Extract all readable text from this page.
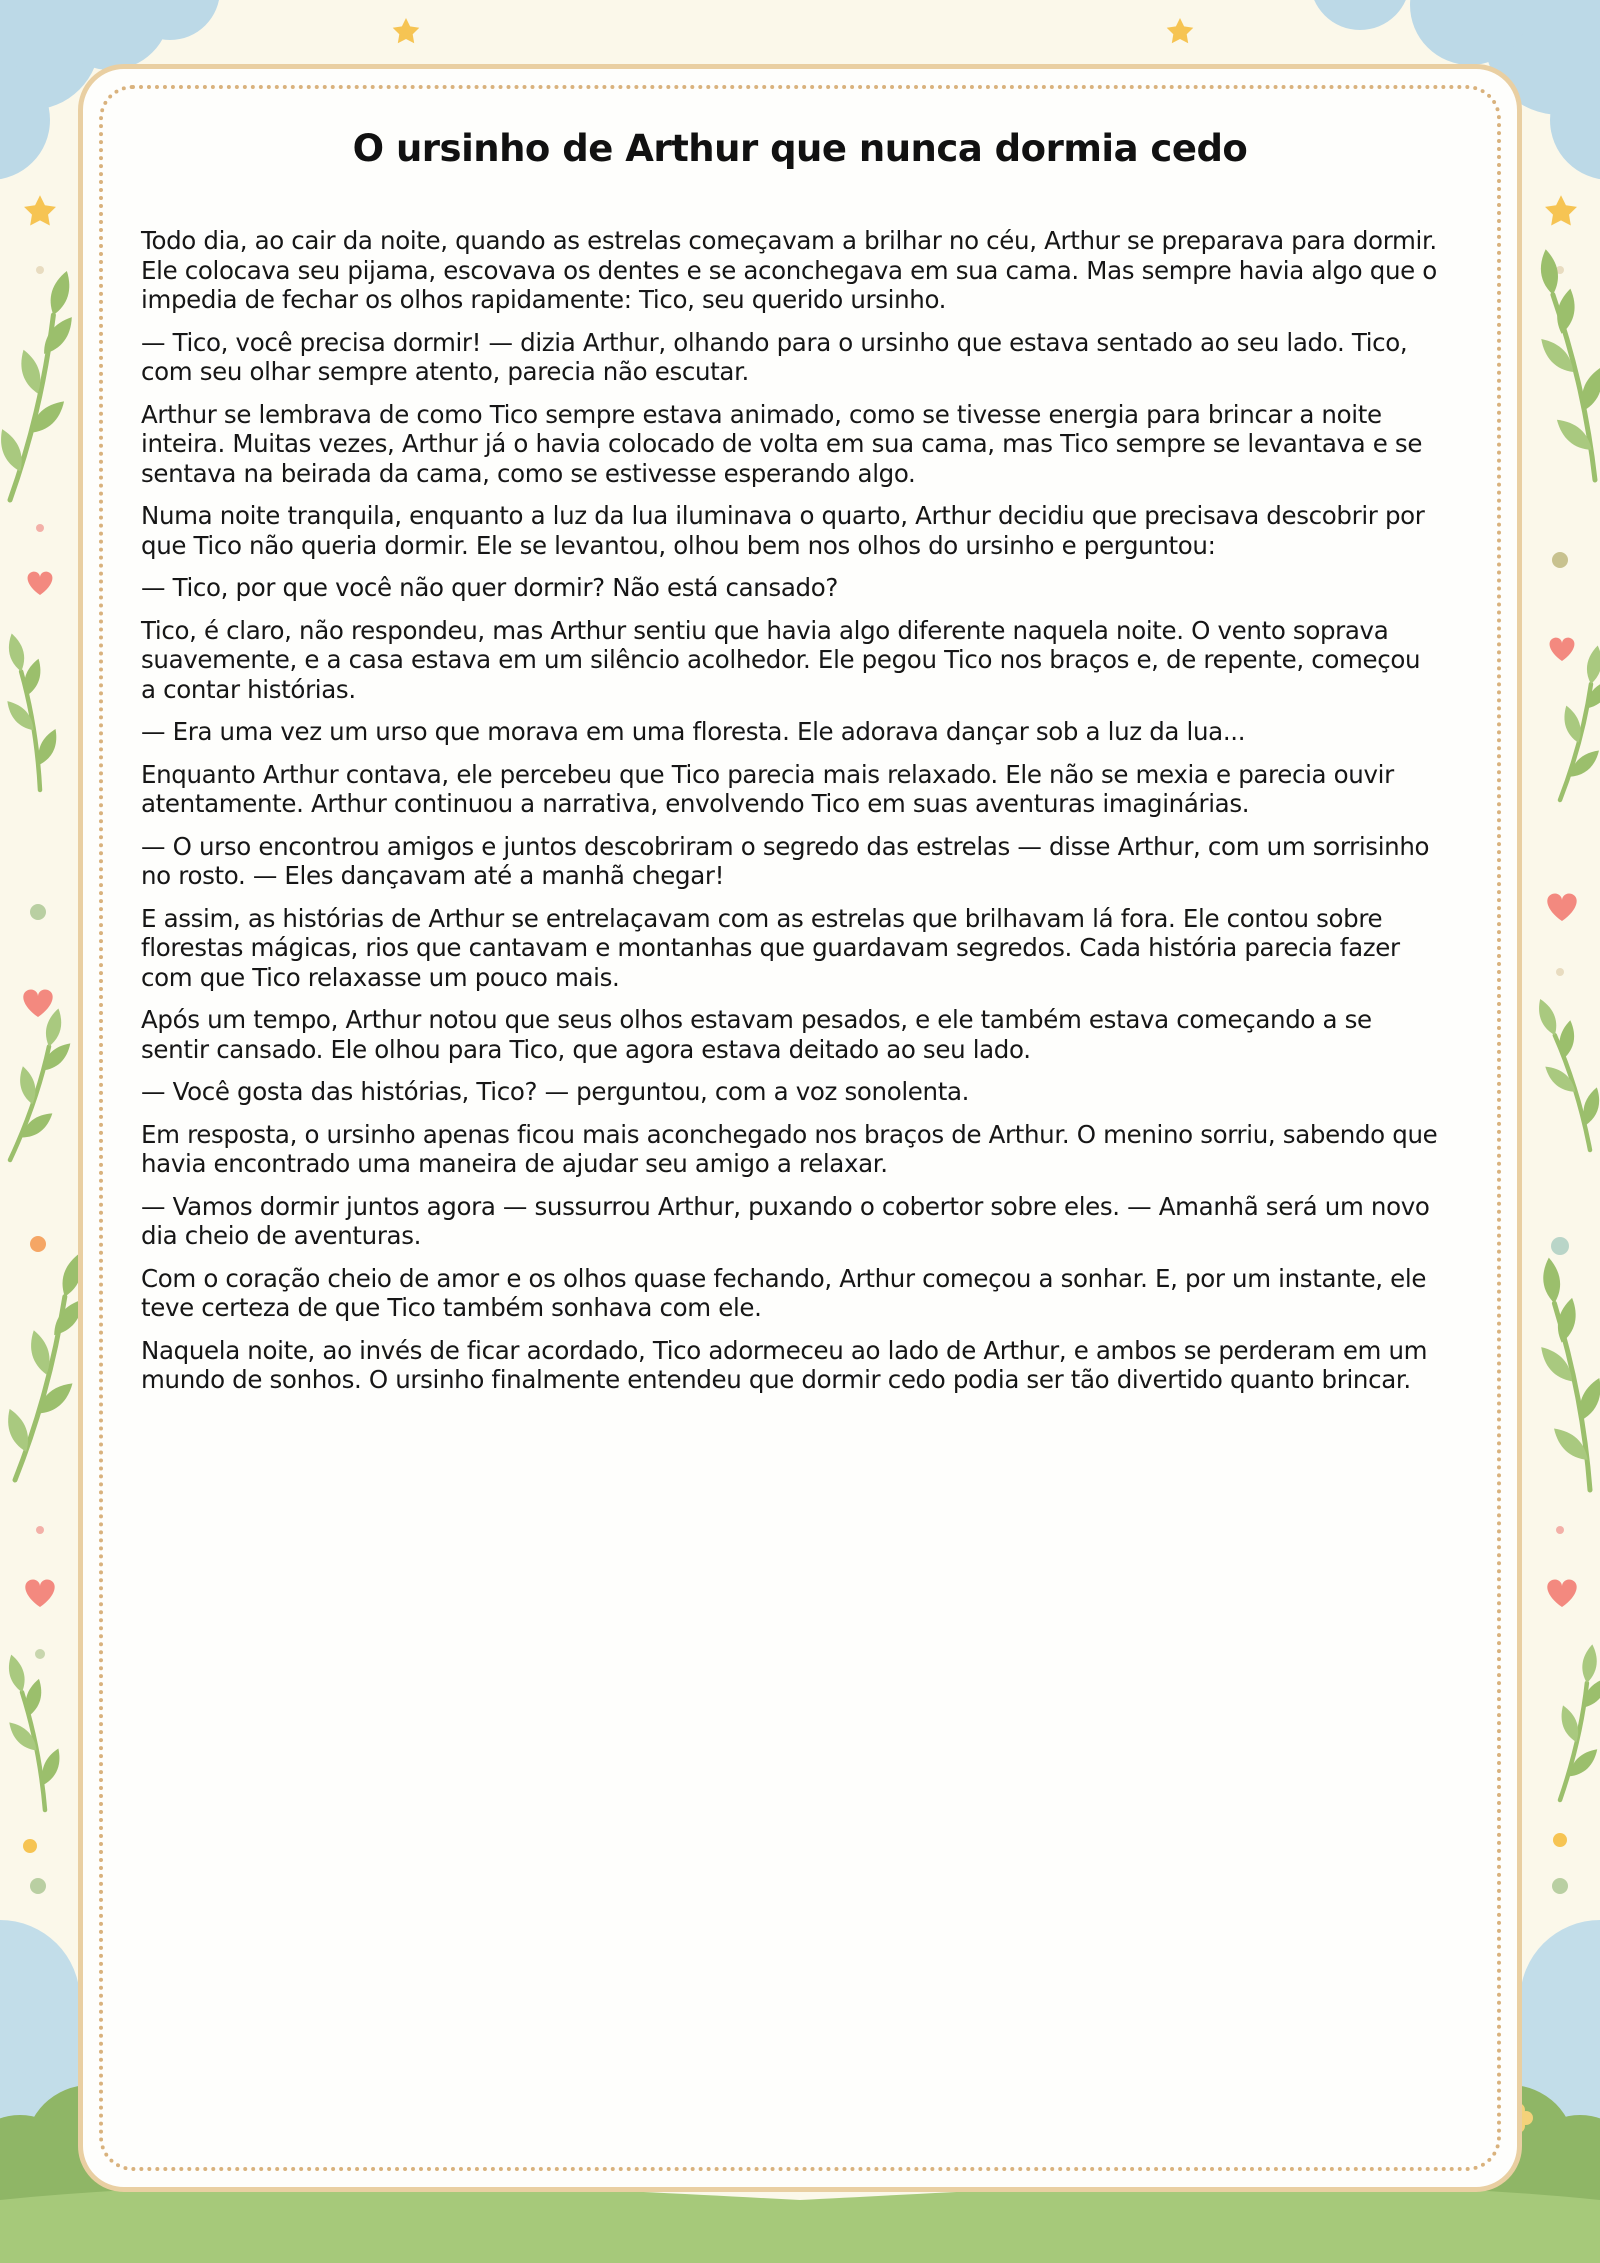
O ursinho de Arthur que nunca dormia cedo

Todo dia, ao cair da noite, quando as estrelas começavam a brilhar no céu, Arthur se preparava para dormir. Ele colocava seu pijama, escovava os dentes e se aconchegava em sua cama. Mas sempre havia algo que o impedia de fechar os olhos rapidamente: Tico, seu querido ursinho.

— Tico, você precisa dormir! — dizia Arthur, olhando para o ursinho que estava sentado ao seu lado. Tico, com seu olhar sempre atento, parecia não escutar.

Arthur se lembrava de como Tico sempre estava animado, como se tivesse energia para brincar a noite inteira. Muitas vezes, Arthur já o havia colocado de volta em sua cama, mas Tico sempre se levantava e se sentava na beirada da cama, como se estivesse esperando algo.

Numa noite tranquila, enquanto a luz da lua iluminava o quarto, Arthur decidiu que precisava descobrir por que Tico não queria dormir. Ele se levantou, olhou bem nos olhos do ursinho e perguntou:

— Tico, por que você não quer dormir? Não está cansado?

Tico, é claro, não respondeu, mas Arthur sentiu que havia algo diferente naquela noite. O vento soprava suavemente, e a casa estava em um silêncio acolhedor. Ele pegou Tico nos braços e, de repente, começou a contar histórias.

— Era uma vez um urso que morava em uma floresta. Ele adorava dançar sob a luz da lua...

Enquanto Arthur contava, ele percebeu que Tico parecia mais relaxado. Ele não se mexia e parecia ouvir atentamente. Arthur continuou a narrativa, envolvendo Tico em suas aventuras imaginárias.

— O urso encontrou amigos e juntos descobriram o segredo das estrelas — disse Arthur, com um sorrisinho no rosto. — Eles dançavam até a manhã chegar!

E assim, as histórias de Arthur se entrelaçavam com as estrelas que brilhavam lá fora. Ele contou sobre florestas mágicas, rios que cantavam e montanhas que guardavam segredos. Cada história parecia fazer com que Tico relaxasse um pouco mais.

Após um tempo, Arthur notou que seus olhos estavam pesados, e ele também estava começando a se sentir cansado. Ele olhou para Tico, que agora estava deitado ao seu lado.

— Você gosta das histórias, Tico? — perguntou, com a voz sonolenta.

Em resposta, o ursinho apenas ficou mais aconchegado nos braços de Arthur. O menino sorriu, sabendo que havia encontrado uma maneira de ajudar seu amigo a relaxar.

— Vamos dormir juntos agora — sussurrou Arthur, puxando o cobertor sobre eles. — Amanhã será um novo dia cheio de aventuras.

Com o coração cheio de amor e os olhos quase fechando, Arthur começou a sonhar. E, por um instante, ele teve certeza de que Tico também sonhava com ele.

Naquela noite, ao invés de ficar acordado, Tico adormeceu ao lado de Arthur, e ambos se perderam em um mundo de sonhos. O ursinho finalmente entendeu que dormir cedo podia ser tão divertido quanto brincar.
